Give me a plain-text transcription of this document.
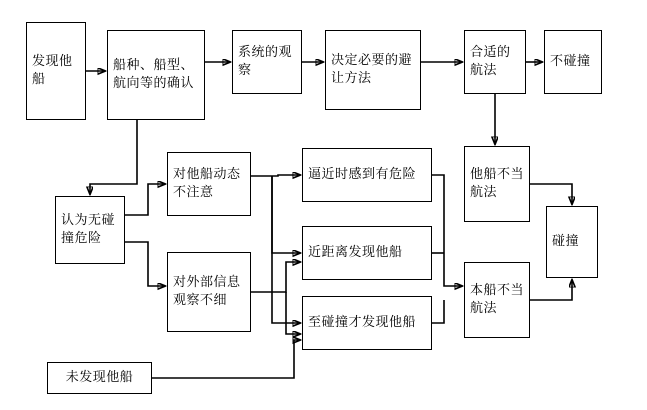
发现他船
船种、船型、航向等的确认
系统的观察
决定必要的避让方法
合适的航法
不碰撞
认为无碰撞危险
对他船动态不注意
对外部信息观察不细
逼近时感到有危险
近距离发现他船
至碰撞才发现他船
他船不当航法
本船不当航法
碰撞
未发现他船
